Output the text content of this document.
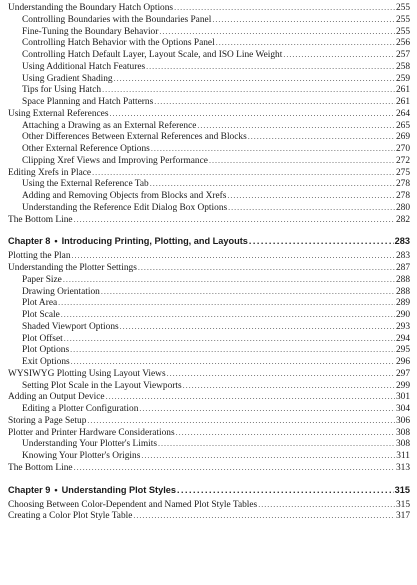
Understanding the Boundary Hatch Options .....	255
Controlling Boundaries with the Boundaries Panel .....	255
Fine-Tuning the Boundary Behavior .....	255
Controlling Hatch Behavior with the Options Panel .....	256
Controlling Hatch Default Layer, Layout Scale, and ISO Line Weight .....	257
Using Additional Hatch Features .....	258
Using Gradient Shading .....	259
Tips for Using Hatch .....	261
Space Planning and Hatch Patterns .....	261
Using External References .....	264
Attaching a Drawing as an External Reference .....	265
Other Differences Between External References and Blocks .....	269
Other External Reference Options .....	270
Clipping Xref Views and Improving Performance .....	272
Editing Xrefs in Place .....	275
Using the External Reference Tab .....	278
Adding and Removing Objects from Blocks and Xrefs .....	278
Understanding the Reference Edit Dialog Box Options .....	280
The Bottom Line .....	282
Chapter 8 • Introducing Printing, Plotting, and Layouts .....	283
Plotting the Plan .....	283
Understanding the Plotter Settings .....	287
Paper Size .....	288
Drawing Orientation .....	288
Plot Area .....	289
Plot Scale .....	290
Shaded Viewport Options .....	293
Plot Offset .....	294
Plot Options .....	295
Exit Options .....	296
WYSIWYG Plotting Using Layout Views .....	297
Setting Plot Scale in the Layout Viewports .....	299
Adding an Output Device .....	301
Editing a Plotter Configuration .....	304
Storing a Page Setup .....	306
Plotter and Printer Hardware Considerations .....	308
Understanding Your Plotter's Limits .....	308
Knowing Your Plotter's Origins .....	311
The Bottom Line .....	313
Chapter 9 • Understanding Plot Styles .....	315
Choosing Between Color-Dependent and Named Plot Style Tables .....	315
Creating a Color Plot Style Table .....	317
